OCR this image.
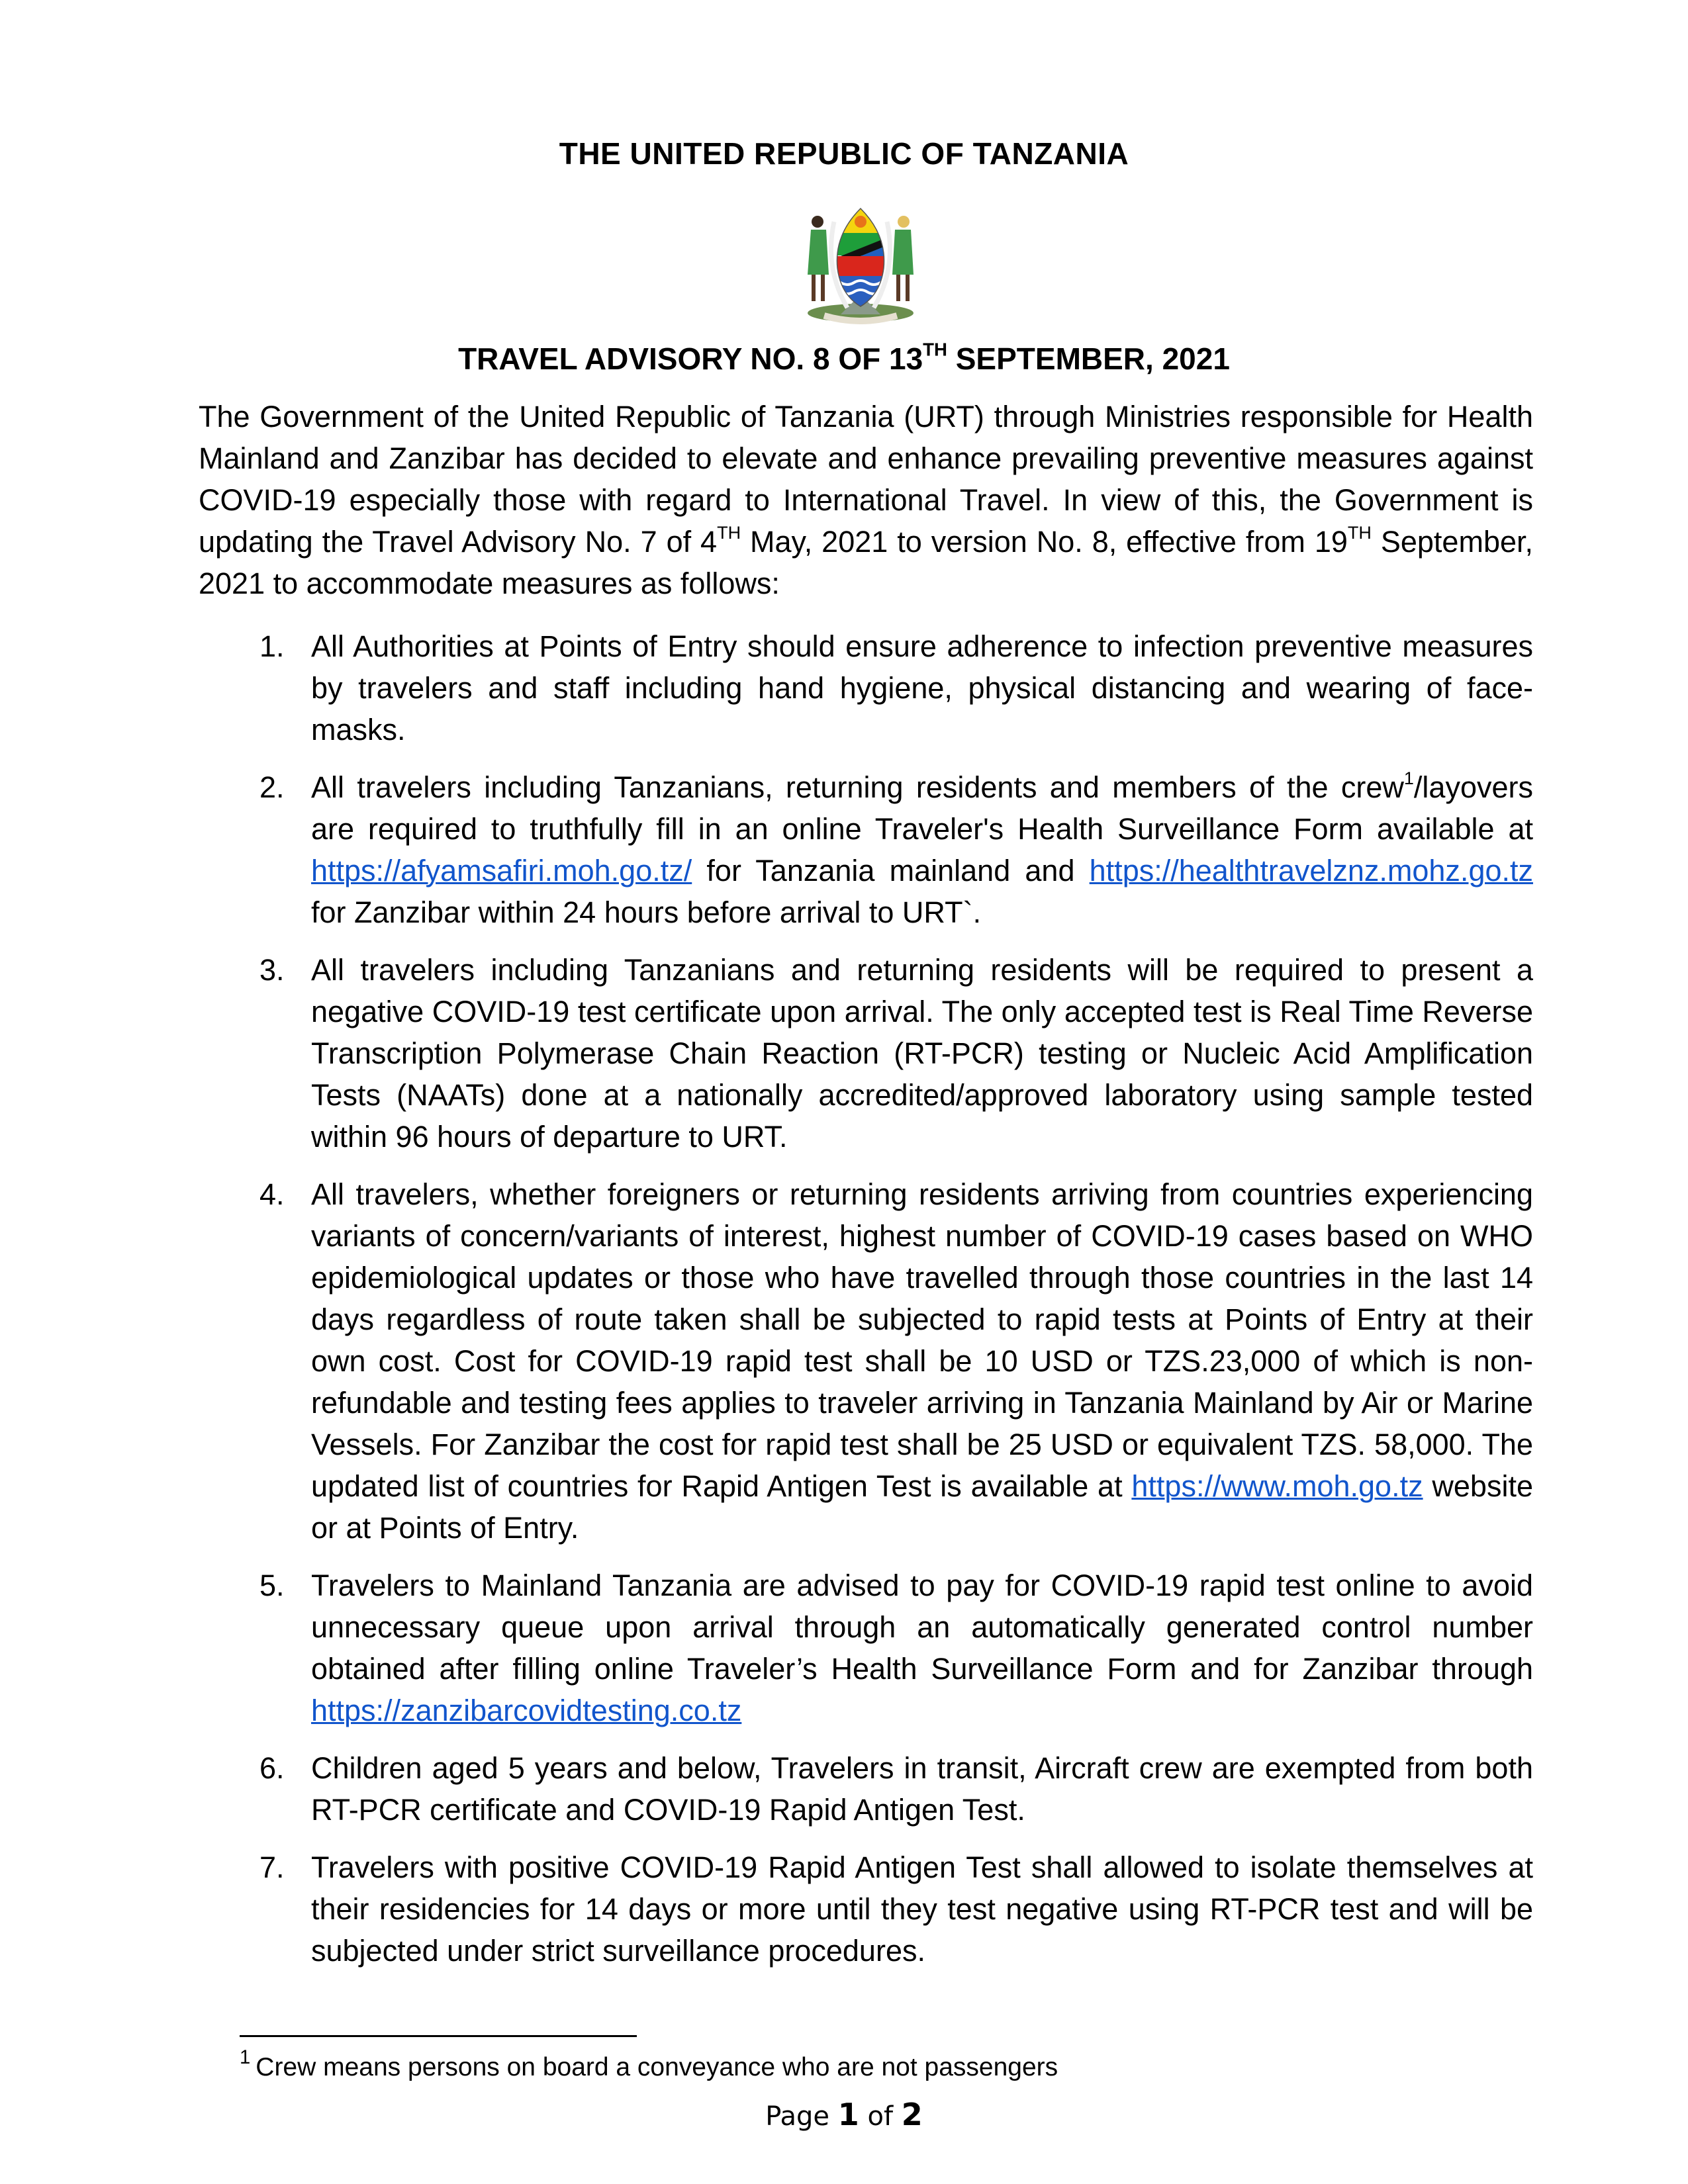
THE UNITED REPUBLIC OF TANZANIA
TRAVEL ADVISORY NO. 8 OF 13TH SEPTEMBER, 2021

The Government of the United Republic of Tanzania (URT) through Ministries responsible for Health Mainland and Zanzibar has decided to elevate and enhance prevailing preventive measures against COVID-19 especially those with regard to International Travel. In view of this, the Government is updating the Travel Advisory No. 7 of 4TH May, 2021 to version No. 8, effective from 19TH September, 2021 to accommodate measures as follows:

1. All Authorities at Points of Entry should ensure adherence to infection preventive measures by travelers and staff including hand hygiene, physical distancing and wearing of face-masks.
2. All travelers including Tanzanians, returning residents and members of the crew$^1$/layovers are required to truthfully fill in an online Traveler's Health Surveillance Form available at https://afyamsafiri.moh.go.tz/ for Tanzania mainland and https://healthtravelznz.mohz.go.tz for Zanzibar within 24 hours before arrival to URT`.
3. All travelers including Tanzanians and returning residents will be required to present a negative COVID-19 test certificate upon arrival. The only accepted test is Real Time Reverse Transcription Polymerase Chain Reaction (RT-PCR) testing or Nucleic Acid Amplification Tests (NAATs) done at a nationally accredited/approved laboratory using sample tested within 96 hours of departure to URT.
4. All travelers, whether foreigners or returning residents arriving from countries experiencing variants of concern/variants of interest, highest number of COVID-19 cases based on WHO epidemiological updates or those who have travelled through those countries in the last 14 days regardless of route taken shall be subjected to rapid tests at Points of Entry at their own cost. Cost for COVID-19 rapid test shall be 10 USD or TZS.23,000 of which is non-refundable and testing fees applies to traveler arriving in Tanzania Mainland by Air or Marine Vessels. For Zanzibar the cost for rapid test shall be 25 USD or equivalent TZS. 58,000. The updated list of countries for Rapid Antigen Test is available at https://www.moh.go.tz website or at Points of Entry.
5. Travelers to Mainland Tanzania are advised to pay for COVID-19 rapid test online to avoid unnecessary queue upon arrival through an automatically generated control number obtained after filling online Traveler’s Health Surveillance Form and for Zanzibar through https://zanzibarcovidtesting.co.tz
6. Children aged 5 years and below, Travelers in transit, Aircraft crew are exempted from both RT-PCR certificate and COVID-19 Rapid Antigen Test.
7. Travelers with positive COVID-19 Rapid Antigen Test shall allowed to isolate themselves at their residencies for 14 days or more until they test negative using RT-PCR test and will be subjected under strict surveillance procedures.
$^1$ Crew means persons on board a conveyance who are not passengers
Page 1 of 2
